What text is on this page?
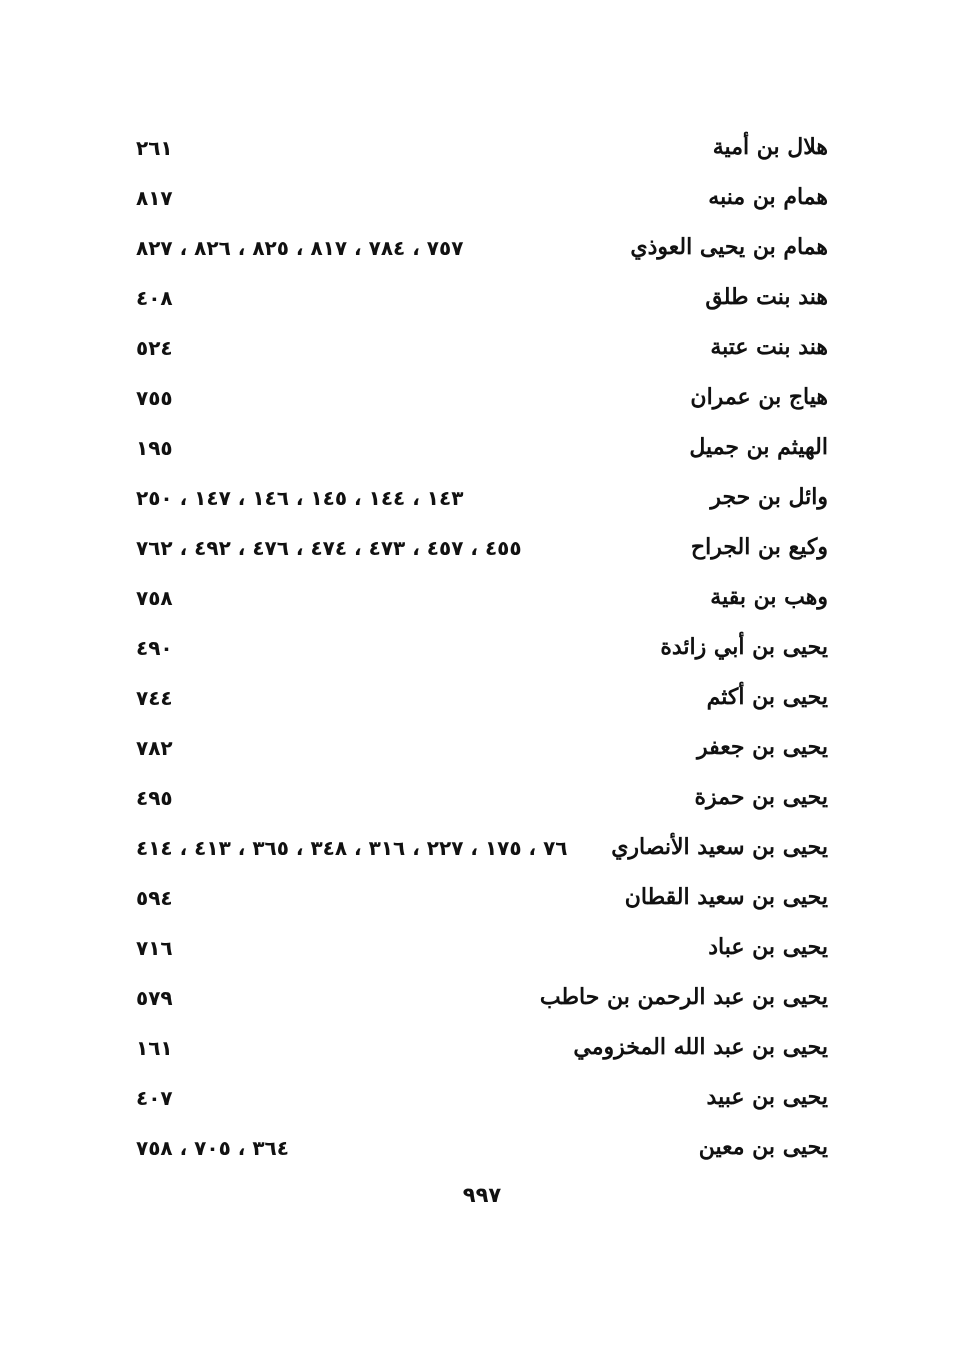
هلال بن أمية
٢٦١
همام بن منبه
٨١٧
همام بن يحيى العوذي
٧٥٧ ، ٧٨٤ ، ٨١٧ ، ٨٢٥ ، ٨٢٦ ، ٨٢٧
هند بنت طلق
٤٠٨
هند بنت عتبة
٥٢٤
هياج بن عمران
٧٥٥
الهيثم بن جميل
١٩٥
وائل بن حجر
١٤٣ ، ١٤٤ ، ١٤٥ ، ١٤٦ ، ١٤٧ ، ٢٥٠
وكيع بن الجراح
٤٥٥ ، ٤٥٧ ، ٤٧٣ ، ٤٧٤ ، ٤٧٦ ، ٤٩٢ ، ٧٦٢
وهب بن بقية
٧٥٨
يحيى بن أبي زائدة
٤٩٠
يحيى بن أكثم
٧٤٤
يحيى بن جعفر
٧٨٢
يحيى بن حمزة
٤٩٥
يحيى بن سعيد الأنصاري
٧٦ ، ١٧٥ ، ٢٢٧ ، ٣١٦ ، ٣٤٨ ، ٣٦٥ ، ٤١٣ ، ٤١٤
يحيى بن سعيد القطان
٥٩٤
يحيى بن عباد
٧١٦
يحيى بن عبد الرحمن بن حاطب
٥٧٩
يحيى بن عبد الله المخزومي
١٦١
يحيى بن عبيد
٤٠٧
يحيى بن معين
٣٦٤ ، ٧٠٥ ، ٧٥٨
٩٩٧
